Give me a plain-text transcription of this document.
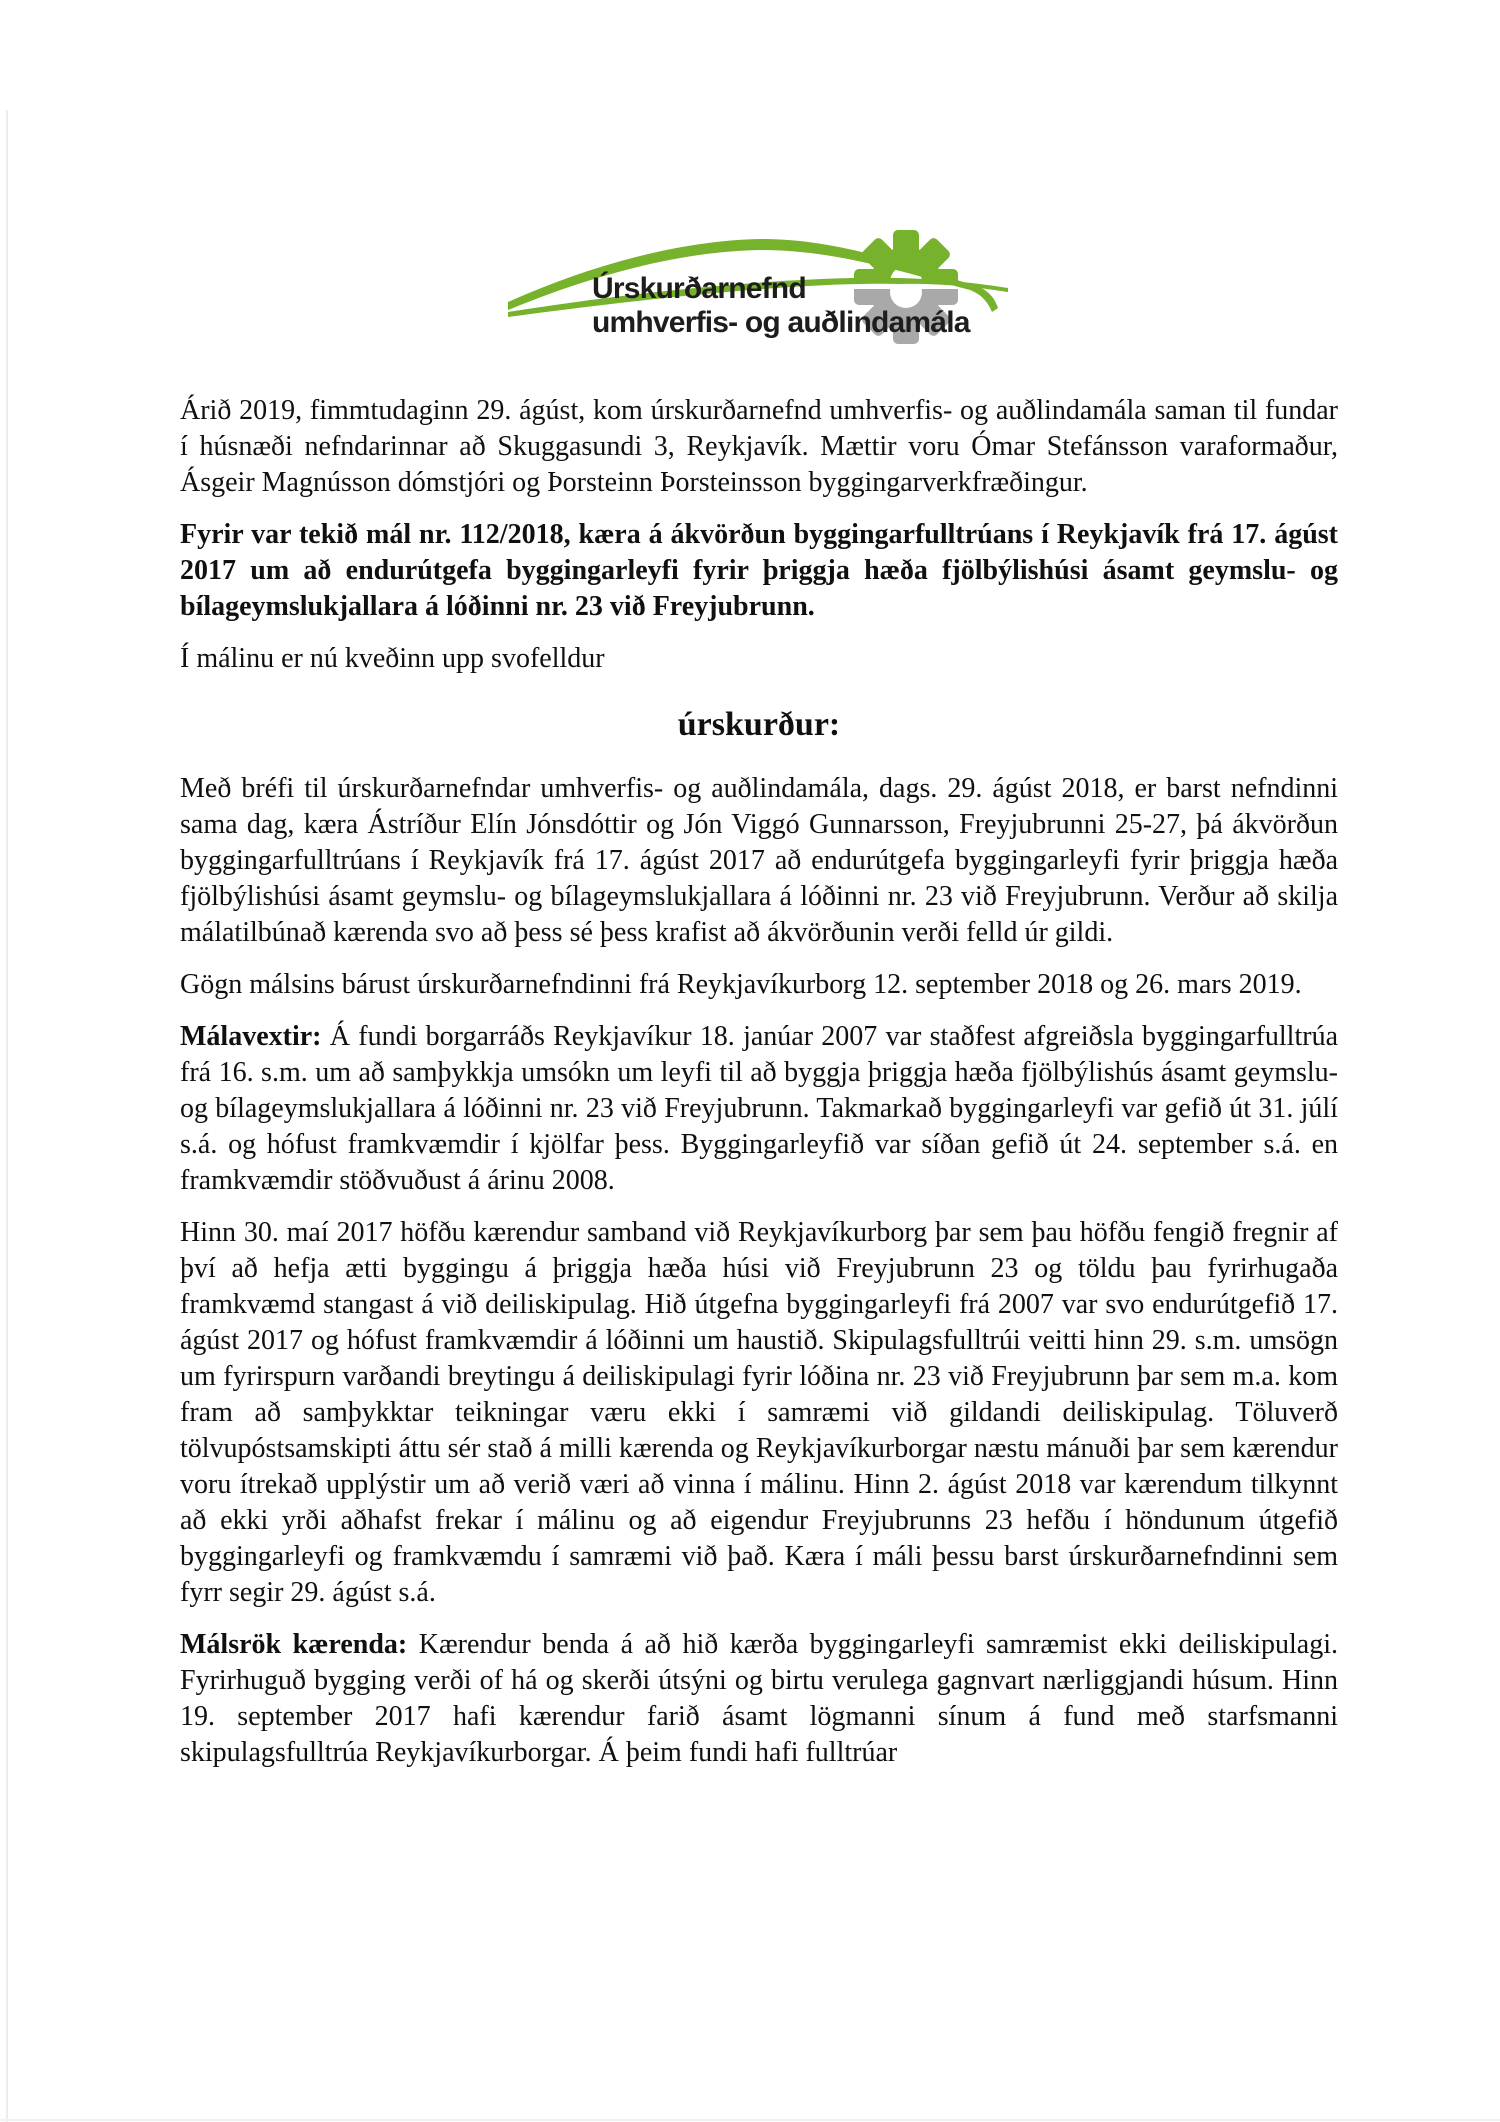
Úrskurðarnefnd
umhverfis- og auðlindamála

Árið 2019, fimmtudaginn 29. ágúst, kom úrskurðarnefnd umhverfis- og auðlindamála saman til fundar í húsnæði nefndarinnar að Skuggasundi 3, Reykjavík. Mættir voru Ómar Stefánsson varaformaður, Ásgeir Magnússon dómstjóri og Þorsteinn Þorsteinsson byggingarverkfræðingur.

Fyrir var tekið mál nr. 112/2018, kæra á ákvörðun byggingarfulltrúans í Reykjavík frá 17. ágúst 2017 um að endurútgefa byggingarleyfi fyrir þriggja hæða fjölbýlishúsi ásamt geymslu- og bílageymslukjallara á lóðinni nr. 23 við Freyjubrunn.

Í málinu er nú kveðinn upp svofelldur

úrskurður:

Með bréfi til úrskurðarnefndar umhverfis- og auðlindamála, dags. 29. ágúst 2018, er barst nefndinni sama dag, kæra Ástríður Elín Jónsdóttir og Jón Viggó Gunnarsson, Freyjubrunni 25-27, þá ákvörðun byggingarfulltrúans í Reykjavík frá 17. ágúst 2017 að endurútgefa byggingarleyfi fyrir þriggja hæða fjölbýlishúsi ásamt geymslu- og bílageymslukjallara á lóðinni nr. 23 við Freyjubrunn. Verður að skilja málatilbúnað kærenda svo að þess sé þess krafist að ákvörðunin verði felld úr gildi.

Gögn málsins bárust úrskurðarnefndinni frá Reykjavíkurborg 12. september 2018 og 26. mars 2019.

Málavextir: Á fundi borgarráðs Reykjavíkur 18. janúar 2007 var staðfest afgreiðsla byggingarfulltrúa frá 16. s.m. um að samþykkja umsókn um leyfi til að byggja þriggja hæða fjölbýlishús ásamt geymslu- og bílageymslukjallara á lóðinni nr. 23 við Freyjubrunn. Takmarkað byggingarleyfi var gefið út 31. júlí s.á. og hófust framkvæmdir í kjölfar þess. Byggingarleyfið var síðan gefið út 24. september s.á. en framkvæmdir stöðvuðust á árinu 2008.

Hinn 30. maí 2017 höfðu kærendur samband við Reykjavíkurborg þar sem þau höfðu fengið fregnir af því að hefja ætti byggingu á þriggja hæða húsi við Freyjubrunn 23 og töldu þau fyrirhugaða framkvæmd stangast á við deiliskipulag. Hið útgefna byggingarleyfi frá 2007 var svo endurútgefið 17. ágúst 2017 og hófust framkvæmdir á lóðinni um haustið. Skipulagsfulltrúi veitti hinn 29. s.m. umsögn um fyrirspurn varðandi breytingu á deiliskipulagi fyrir lóðina nr. 23 við Freyjubrunn þar sem m.a. kom fram að samþykktar teikningar væru ekki í samræmi við gildandi deiliskipulag. Töluverð tölvupóstsamskipti áttu sér stað á milli kærenda og Reykjavíkurborgar næstu mánuði þar sem kærendur voru ítrekað upplýstir um að verið væri að vinna í málinu. Hinn 2. ágúst 2018 var kærendum tilkynnt að ekki yrði aðhafst frekar í málinu og að eigendur Freyjubrunns 23 hefðu í höndunum útgefið byggingarleyfi og framkvæmdu í samræmi við það. Kæra í máli þessu barst úrskurðarnefndinni sem fyrr segir 29. ágúst s.á.

Málsrök kærenda: Kærendur benda á að hið kærða byggingarleyfi samræmist ekki deiliskipulagi. Fyrirhuguð bygging verði of há og skerði útsýni og birtu verulega gagnvart nærliggjandi húsum. Hinn 19. september 2017 hafi kærendur farið ásamt lögmanni sínum á fund með starfsmanni skipulagsfulltrúa Reykjavíkurborgar. Á þeim fundi hafi fulltrúar
